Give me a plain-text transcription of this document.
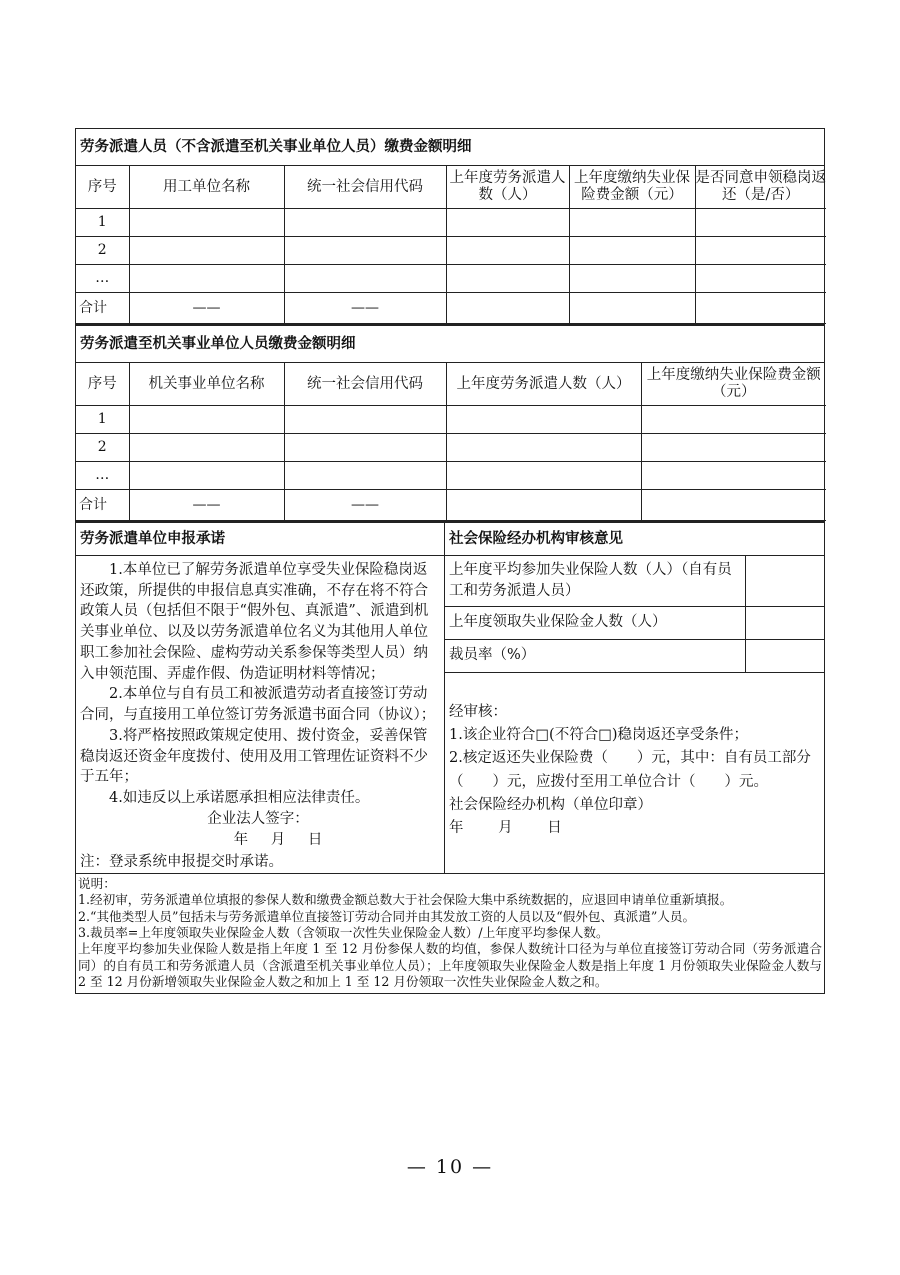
劳务派遣人员（不含派遣至机关事业单位人员）缴费金额明细
序号	用工单位名称	统一社会信用代码	上年度劳务派遣人数（人）	上年度缴纳失业保险费金额（元）	是否同意申领稳岗返还（是/否）
1					
2					
…					
合计	——	——			
劳务派遣至机关事业单位人员缴费金额明细
序号	机关事业单位名称	统一社会信用代码	上年度劳务派遣人数（人）	上年度缴纳失业保险费金额（元）
1				
2				
…				
合计	——	——		
劳务派遣单位申报承诺

1.本单位已了解劳务派遣单位享受失业保险稳岗返还政策，所提供的申报信息真实准确，不存在将不符合政策人员（包括但不限于“假外包、真派遣”、派遣到机关事业单位、以及以劳务派遣单位名义为其他用人单位职工参加社会保险、虚构劳动关系参保等类型人员）纳入申领范围、弄虚作假、伪造证明材料等情况；

2.本单位与自有员工和被派遣劳动者直接签订劳动合同，与直接用工单位签订劳务派遣书面合同（协议）；

3.将严格按照政策规定使用、拨付资金，妥善保管稳岗返还资金年度拨付、使用及用工管理佐证资料不少于五年；

4.如违反以上承诺愿承担相应法律责任。

企业法人签字：
年 月 日
注：登录系统申报提交时承诺。
社会保险经办机构审核意见
上年度平均参加失业保险人数（人）（自有员工和劳务派遣人员）	
上年度领取失业保险金人数（人）	
裁员率（%）	

经审核：

1.该企业符合□(不符合□)稳岗返还享受条件；

2.核定返还失业保险费（　　）元，其中：自有员工部分（　　）元，应拨付至用工单位合计（　　）元。

社会保险经办机构（单位印章）

年 月 日

说明：

1.经初审，劳务派遣单位填报的参保人数和缴费金额总数大于社会保险大集中系统数据的，应退回申请单位重新填报。

2.“其他类型人员”包括未与劳务派遣单位直接签订劳动合同并由其发放工资的人员以及“假外包、真派遣”人员。

3.裁员率=上年度领取失业保险金人数（含领取一次性失业保险金人数）/上年度平均参保人数。

上年度平均参加失业保险人数是指上年度 1 至 12 月份参保人数的均值，参保人数统计口径为与单位直接签订劳动合同（劳务派遣合同）的自有员工和劳务派遣人员（含派遣至机关事业单位人员）；上年度领取失业保险金人数是指上年度 1 月份领取失业保险金人数与 2 至 12 月份新增领取失业保险金人数之和加上 1 至 12 月份领取一次性失业保险金人数之和。

— 10 —
